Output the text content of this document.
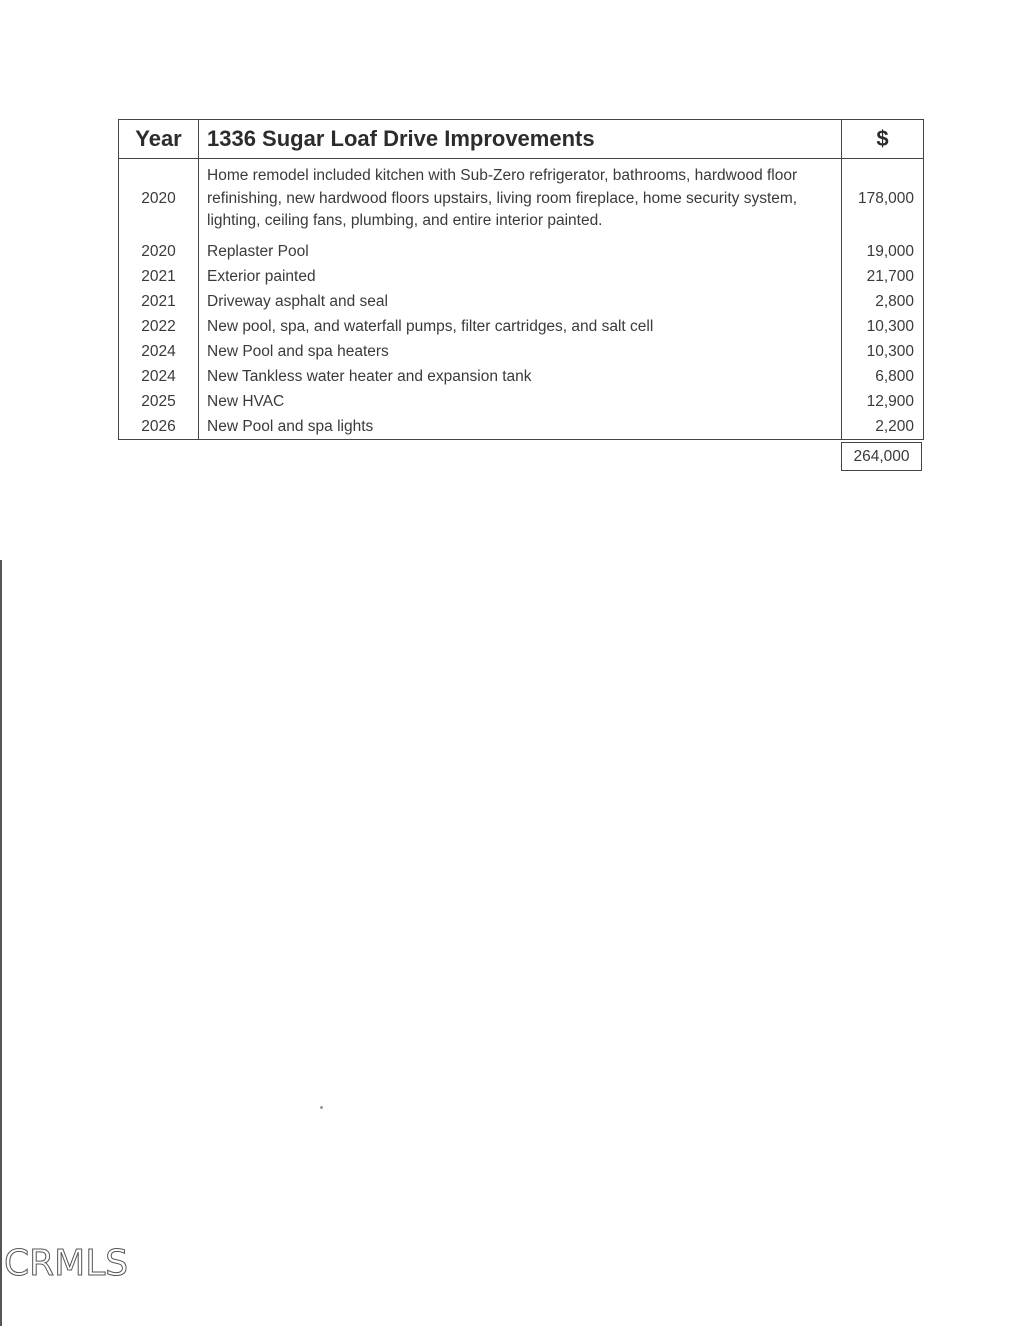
Year	1336 Sugar Loaf Drive Improvements	$
2020	Home remodel included kitchen with Sub-Zero refrigerator, bathrooms, hardwood floor refinishing, new hardwood floors upstairs, living room fireplace, home security system, lighting, ceiling fans, plumbing, and entire interior painted.	178,000
2020	Replaster Pool	19,000
2021	Exterior painted	21,700
2021	Driveway asphalt and seal	2,800
2022	New pool, spa, and waterfall pumps, filter cartridges, and salt cell	10,300
2024	New Pool and spa heaters	10,300
2024	New Tankless water heater and expansion tank	6,800
2025	New HVAC	12,900
2026	New Pool and spa lights	2,200
264,000
CRMLS
